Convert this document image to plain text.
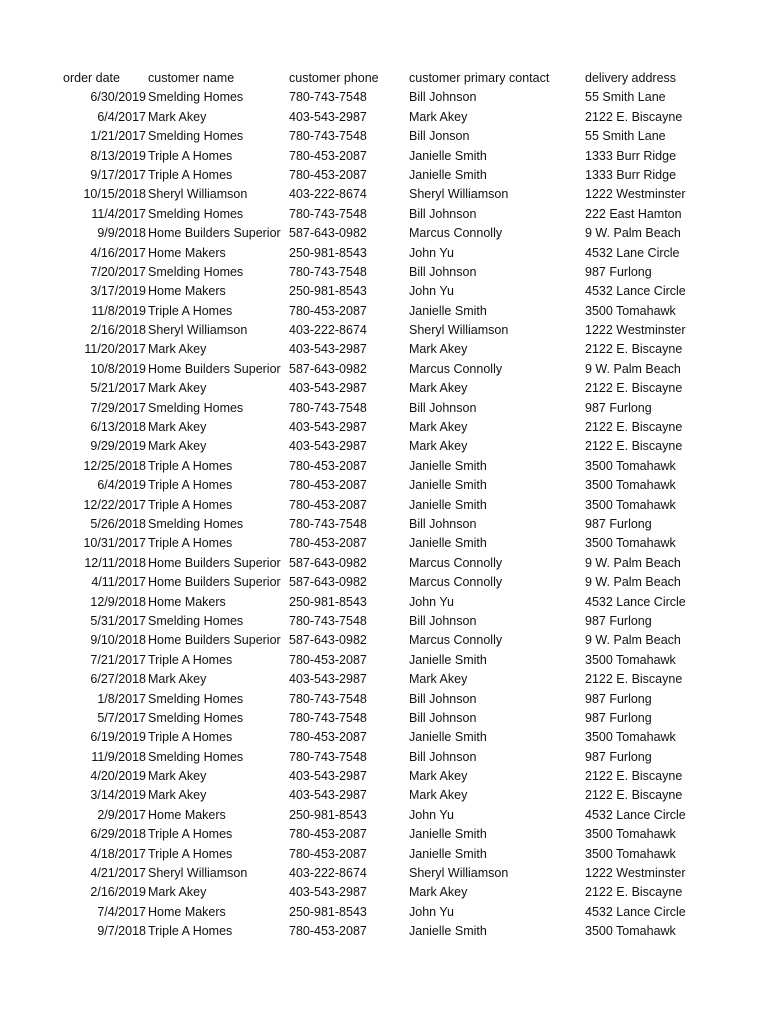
order date	customer name	customer phone	customer primary contact	delivery address
6/30/2019 Smelding Homes	780-743-7548	Bill Johnson	55 Smith Lane
6/4/2017 Mark Akey	403-543-2987	Mark Akey	2122 E. Biscayne
1/21/2017 Smelding Homes	780-743-7548	Bill Jonson	55 Smith Lane
8/13/2019 Triple A Homes	780-453-2087	Janielle Smith	1333 Burr Ridge
9/17/2017 Triple A Homes	780-453-2087	Janielle Smith	1333 Burr Ridge
10/15/2018 Sheryl Williamson	403-222-8674	Sheryl Williamson	1222 Westminster
11/4/2017 Smelding Homes	780-743-7548	Bill Johnson	222 East Hamton
9/9/2018 Home Builders Superior 587-643-0982	Marcus Connolly	9 W. Palm Beach
4/16/2017 Home Makers	250-981-8543	John Yu	4532 Lane Circle
7/20/2017 Smelding Homes	780-743-7548	Bill Johnson	987 Furlong
3/17/2019 Home Makers	250-981-8543	John Yu	4532 Lance Circle
11/8/2019 Triple A Homes	780-453-2087	Janielle Smith	3500 Tomahawk
2/16/2018 Sheryl Williamson	403-222-8674	Sheryl Williamson	1222 Westminster
11/20/2017 Mark Akey	403-543-2987	Mark Akey	2122 E. Biscayne
10/8/2019 Home Builders Superior 587-643-0982	Marcus Connolly	9 W. Palm Beach
5/21/2017 Mark Akey	403-543-2987	Mark Akey	2122 E. Biscayne
7/29/2017 Smelding Homes	780-743-7548	Bill Johnson	987 Furlong
6/13/2018 Mark Akey	403-543-2987	Mark Akey	2122 E. Biscayne
9/29/2019 Mark Akey	403-543-2987	Mark Akey	2122 E. Biscayne
12/25/2018 Triple A Homes	780-453-2087	Janielle Smith	3500 Tomahawk
6/4/2019 Triple A Homes	780-453-2087	Janielle Smith	3500 Tomahawk
12/22/2017 Triple A Homes	780-453-2087	Janielle Smith	3500 Tomahawk
5/26/2018 Smelding Homes	780-743-7548	Bill Johnson	987 Furlong
10/31/2017 Triple A Homes	780-453-2087	Janielle Smith	3500 Tomahawk
12/11/2018 Home Builders Superior 587-643-0982	Marcus Connolly	9 W. Palm Beach
4/11/2017 Home Builders Superior 587-643-0982	Marcus Connolly	9 W. Palm Beach
12/9/2018 Home Makers	250-981-8543	John Yu	4532 Lance Circle
5/31/2017 Smelding Homes	780-743-7548	Bill Johnson	987 Furlong
9/10/2018 Home Builders Superior 587-643-0982	Marcus Connolly	9 W. Palm Beach
7/21/2017 Triple A Homes	780-453-2087	Janielle Smith	3500 Tomahawk
6/27/2018 Mark Akey	403-543-2987	Mark Akey	2122 E. Biscayne
1/8/2017 Smelding Homes	780-743-7548	Bill Johnson	987 Furlong
5/7/2017 Smelding Homes	780-743-7548	Bill Johnson	987 Furlong
6/19/2019 Triple A Homes	780-453-2087	Janielle Smith	3500 Tomahawk
11/9/2018 Smelding Homes	780-743-7548	Bill Johnson	987 Furlong
4/20/2019 Mark Akey	403-543-2987	Mark Akey	2122 E. Biscayne
3/14/2019 Mark Akey	403-543-2987	Mark Akey	2122 E. Biscayne
2/9/2017 Home Makers	250-981-8543	John Yu	4532 Lance Circle
6/29/2018 Triple A Homes	780-453-2087	Janielle Smith	3500 Tomahawk
4/18/2017 Triple A Homes	780-453-2087	Janielle Smith	3500 Tomahawk
4/21/2017 Sheryl Williamson	403-222-8674	Sheryl Williamson	1222 Westminster
2/16/2019 Mark Akey	403-543-2987	Mark Akey	2122 E. Biscayne
7/4/2017 Home Makers	250-981-8543	John Yu	4532 Lance Circle
9/7/2018 Triple A Homes	780-453-2087	Janielle Smith	3500 Tomahawk
